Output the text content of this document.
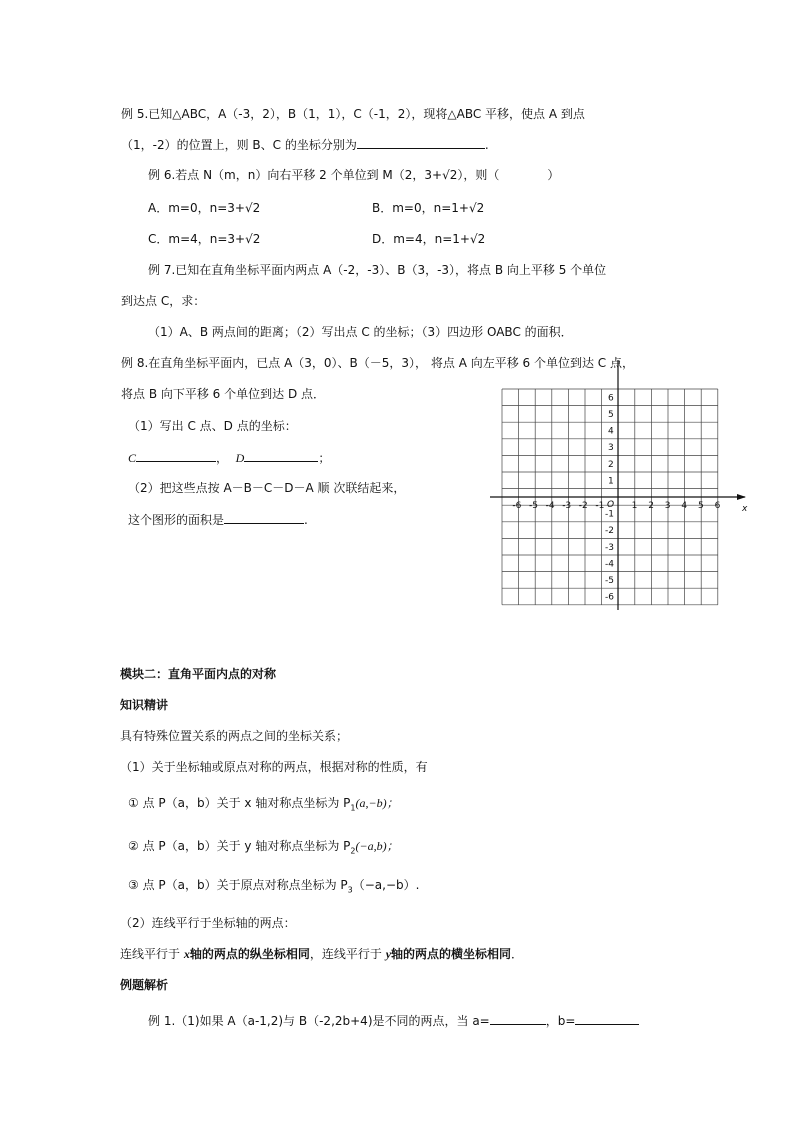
例 5.已知△ABC，A（-3，2），B（1，1），C（-1，2），现将△ABC 平移，使点 A 到点
（1，-2）的位置上，则 B、C 的坐标分别为	.
例 6.若点 N（m，n）向右平移 2 个单位到 M（2，3+√2），则（　　　　）
A．m=0，n=3+√2	B．m=0，n=1+√2
C．m=4，n=3+√2	D．m=4，n=1+√2
例 7.已知在直角坐标平面内两点 A（-2，-3）、B（3，-3），将点 B 向上平移 5 个单位
到达点 C，求：
（1）A、B 两点间的距离；（2）写出点 C 的坐标；（3）四边形 OABC 的面积．
例 8.在直角坐标平面内，已点 A（3，0）、B（－5，3）， 将点 A 向左平移 6 个单位到达 C 点，
将点 B 向下平移 6 个单位到达 D 点．
（1）写出 C 点、D 点的坐标：
C	， D	；
（2）把这些点按 A－B－C－D－A 顺 次联结起来，
这个图形的面积是	.
x
O
-6 -5 -4 -3 -2 -1	1 2 3 4 5 6
6
5
4
3
2
1
-1
-2
-3
-4
-5
-6
模块二：直角平面内点的对称
知识精讲
具有特殊位置关系的两点之间的坐标关系；
（1）关于坐标轴或原点对称的两点，根据对称的性质，有
① 点 P（a，b）关于 x 轴对称点坐标为 $P_1(a,-b)$；
② 点 P（a，b）关于 y 轴对称点坐标为 $P_2(-a,b)$；
③ 点 P（a，b）关于原点对称点坐标为 $P_3(-a,-b)$.
（2）连线平行于坐标轴的两点：
连线平行于 x轴的两点的纵坐标相同，连线平行于 y轴的两点的横坐标相同．
例题解析
例 1.（1)如果 A（a-1,2)与 B（-2,2b+4)是不同的两点，当 a=	，b=
